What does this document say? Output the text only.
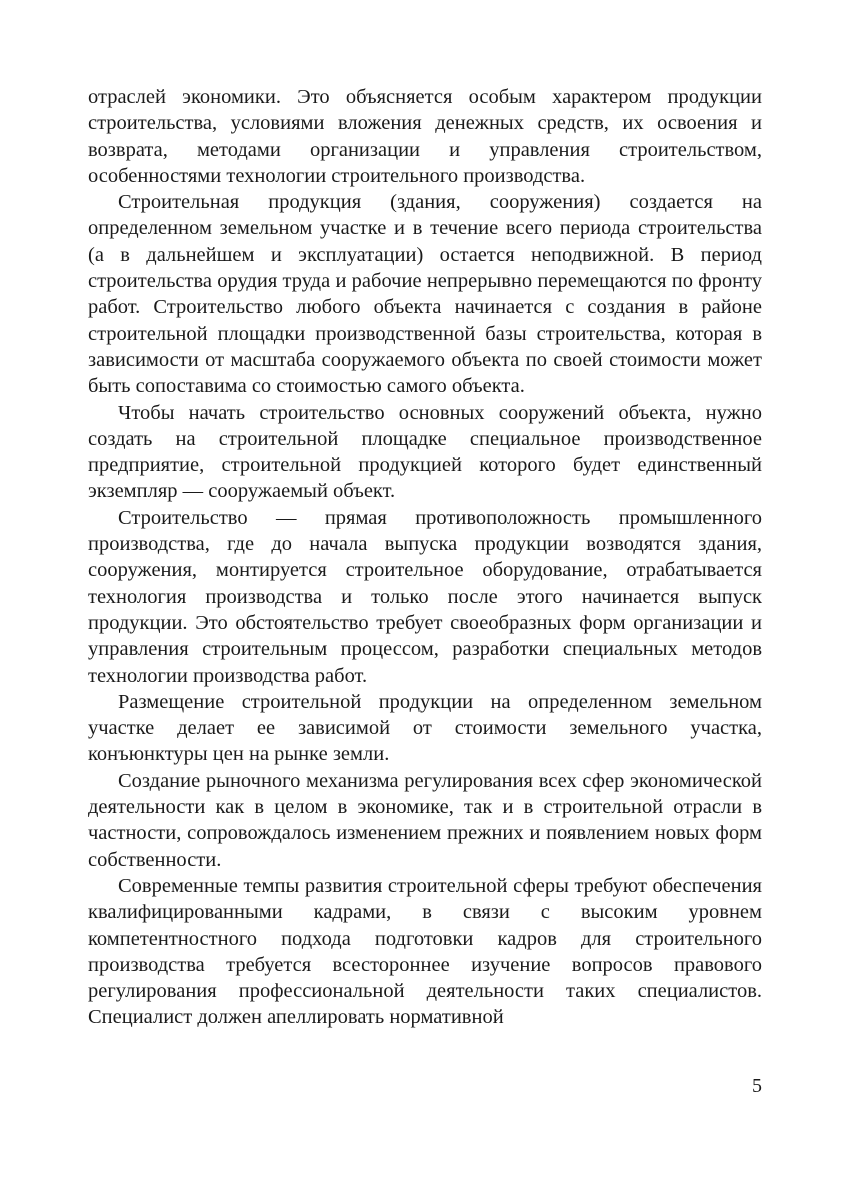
отраслей экономики. Это объясняется особым характером продукции строительства, условиями вложения денежных средств, их освоения и возврата, методами организации и управления строительством, особенностями технологии строительного производства.

Строительная продукция (здания, сооружения) создается на определенном земельном участке и в течение всего периода строительства (а в дальнейшем и эксплуатации) остается неподвижной. В период строительства орудия труда и рабочие непрерывно перемещаются по фронту работ. Строительство любого объекта начинается с создания в районе строительной площадки производственной базы строительства, которая в зависимости от масштаба сооружаемого объекта по своей стоимости может быть сопоставима со стоимостью самого объекта.

Чтобы начать строительство основных сооружений объекта, нужно создать на строительной площадке специальное производственное предприятие, строительной продукцией которого будет единственный экземпляр — сооружаемый объект.

Строительство — прямая противоположность промышленного производства, где до начала выпуска продукции возводятся здания, сооружения, монтируется строительное оборудование, отрабатывается технология производства и только после этого начинается выпуск продукции. Это обстоятельство требует своеобразных форм организации и управления строительным процессом, разработки специальных методов технологии производства работ.

Размещение строительной продукции на определенном земельном участке делает ее зависимой от стоимости земельного участка, конъюнктуры цен на рынке земли.

Создание рыночного механизма регулирования всех сфер экономической деятельности как в целом в экономике, так и в строительной отрасли в частности, сопровождалось изменением прежних и появлением новых форм собственности.

Современные темпы развития строительной сферы требуют обеспечения квалифицированными кадрами, в связи с высоким уровнем компетентностного подхода подготовки кадров для строительного производства требуется всестороннее изучение вопросов правового регулирования профессиональной деятельности таких специалистов. Специалист должен апеллировать нормативной

5
